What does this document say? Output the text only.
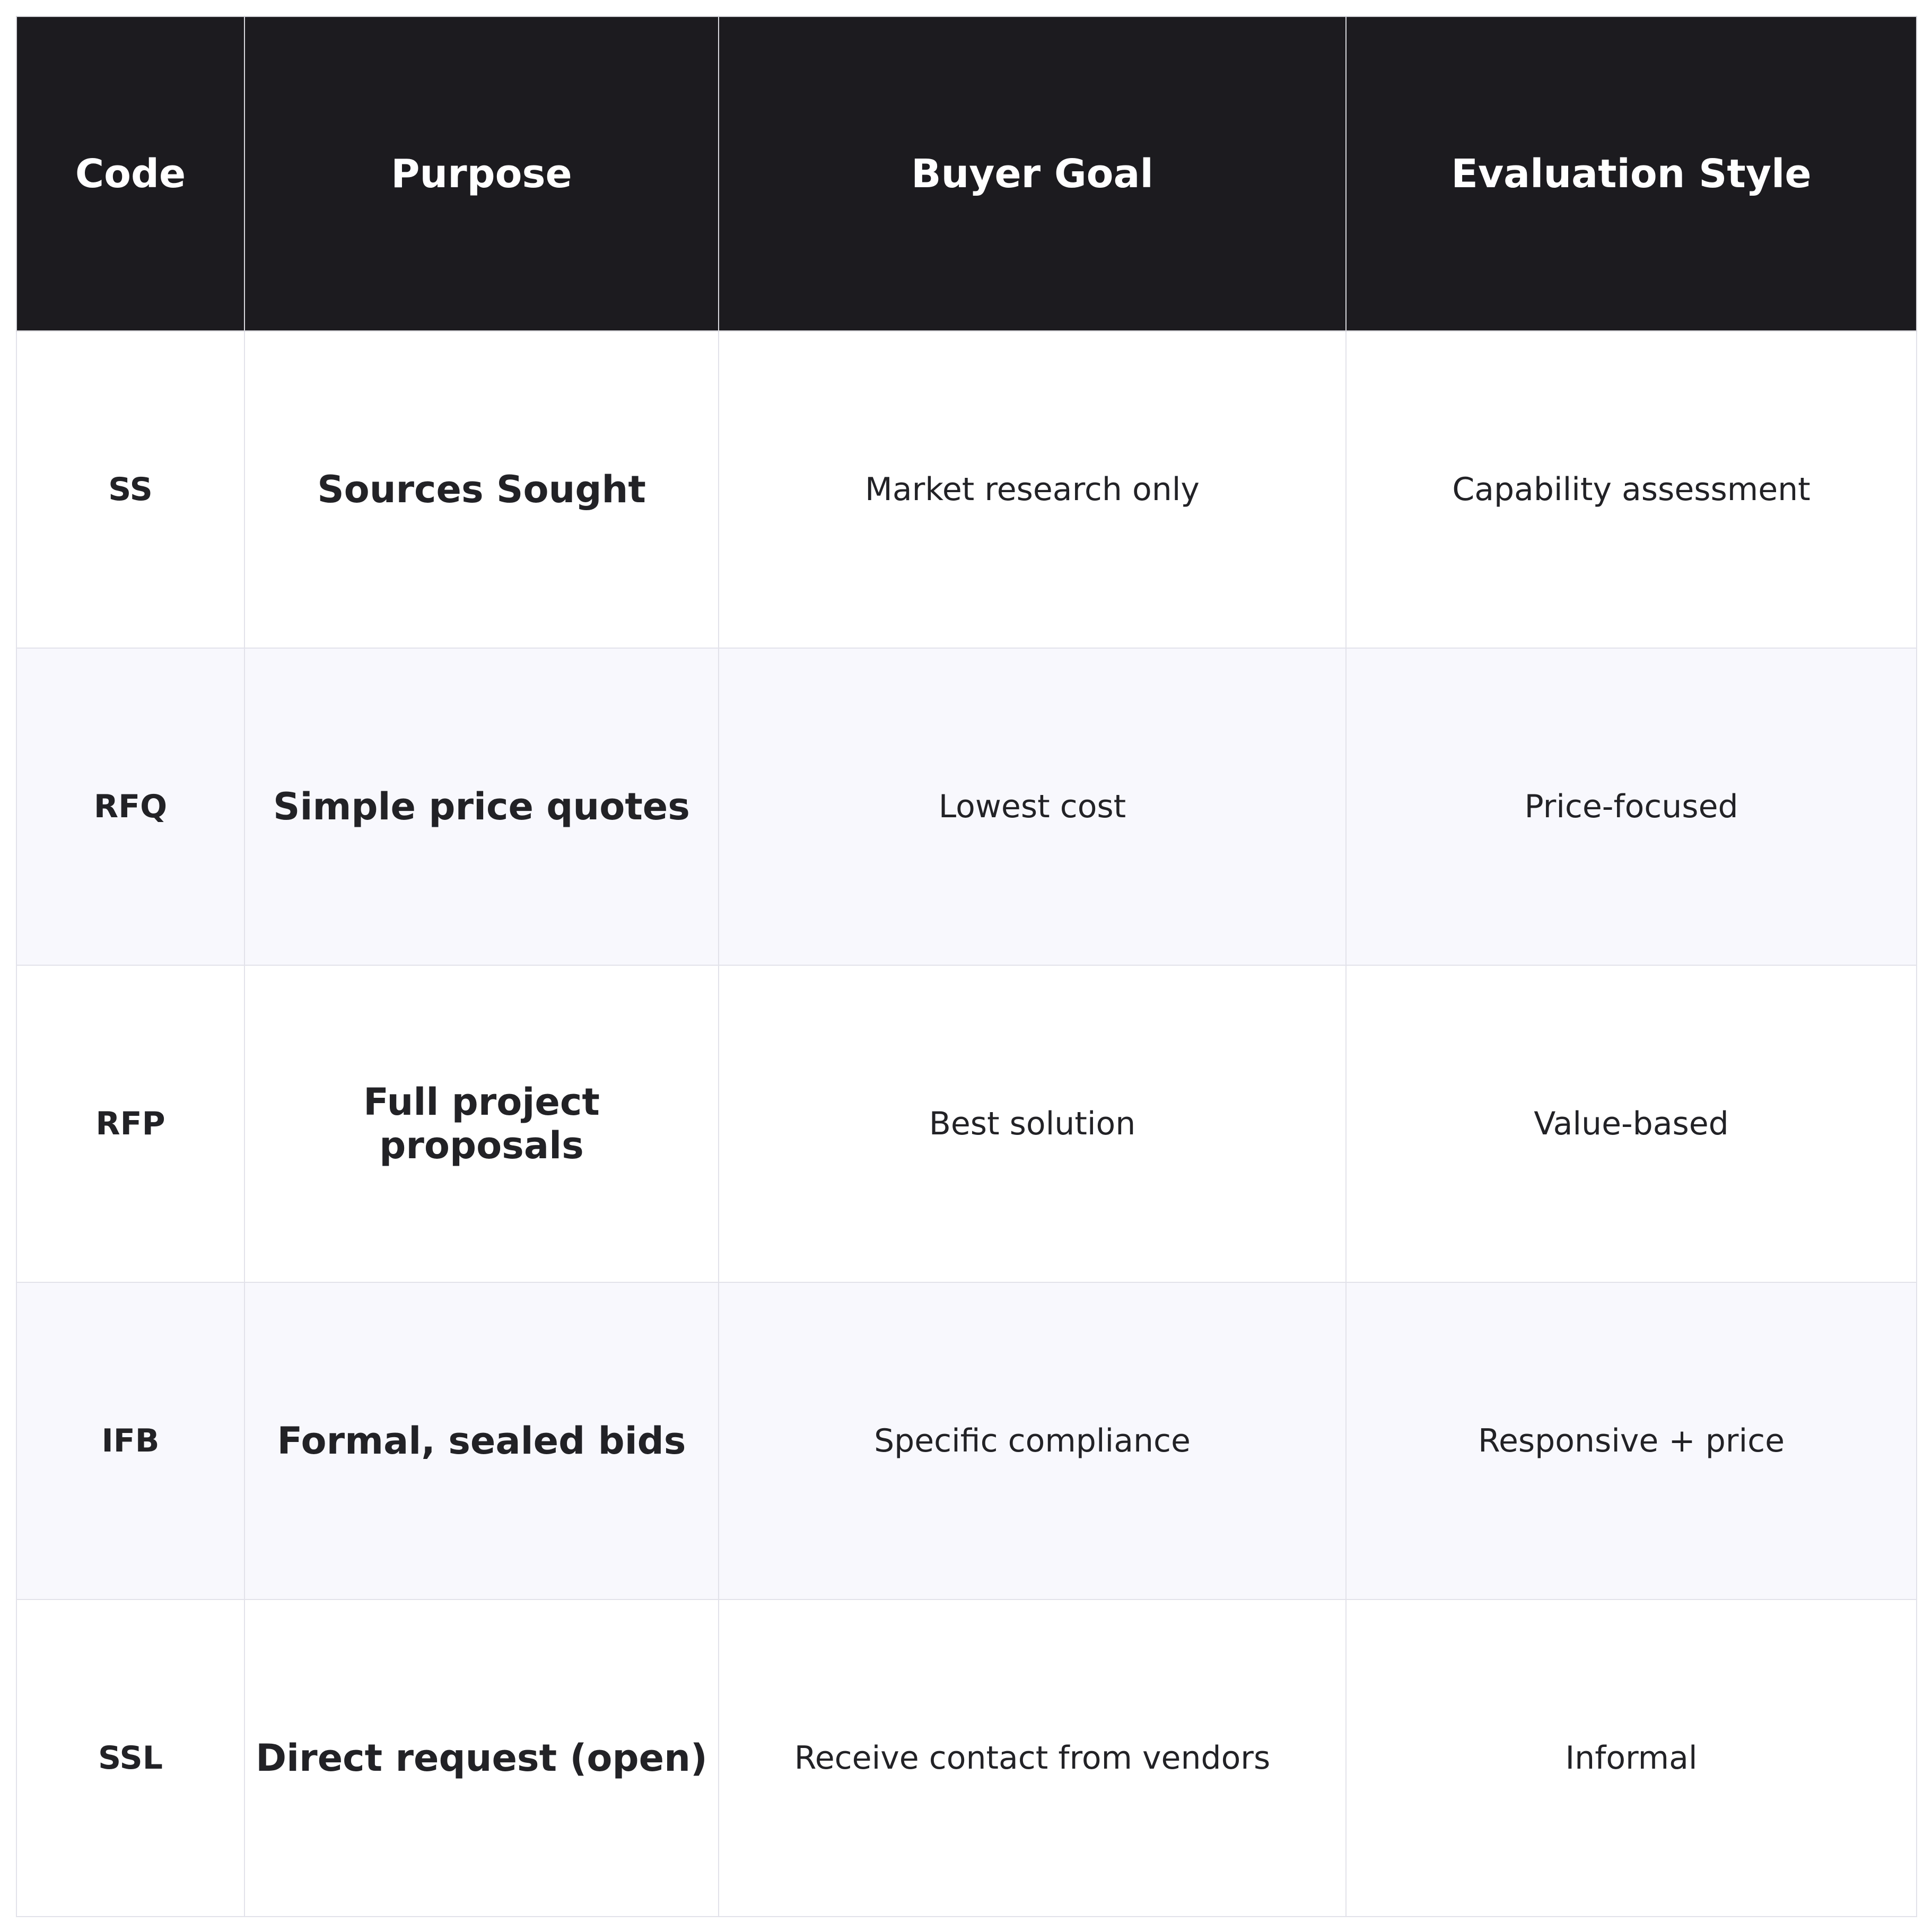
Code	Purpose	Buyer Goal	Evaluation Style
SS	Sources Sought	Market research only	Capability assessment
RFQ	Simple price quotes	Lowest cost	Price-focused
RFP	Full project proposals	Best solution	Value-based
IFB	Formal, sealed bids	Specific compliance	Responsive + price
SSL	Direct request (open)	Receive contact from vendors	Informal
